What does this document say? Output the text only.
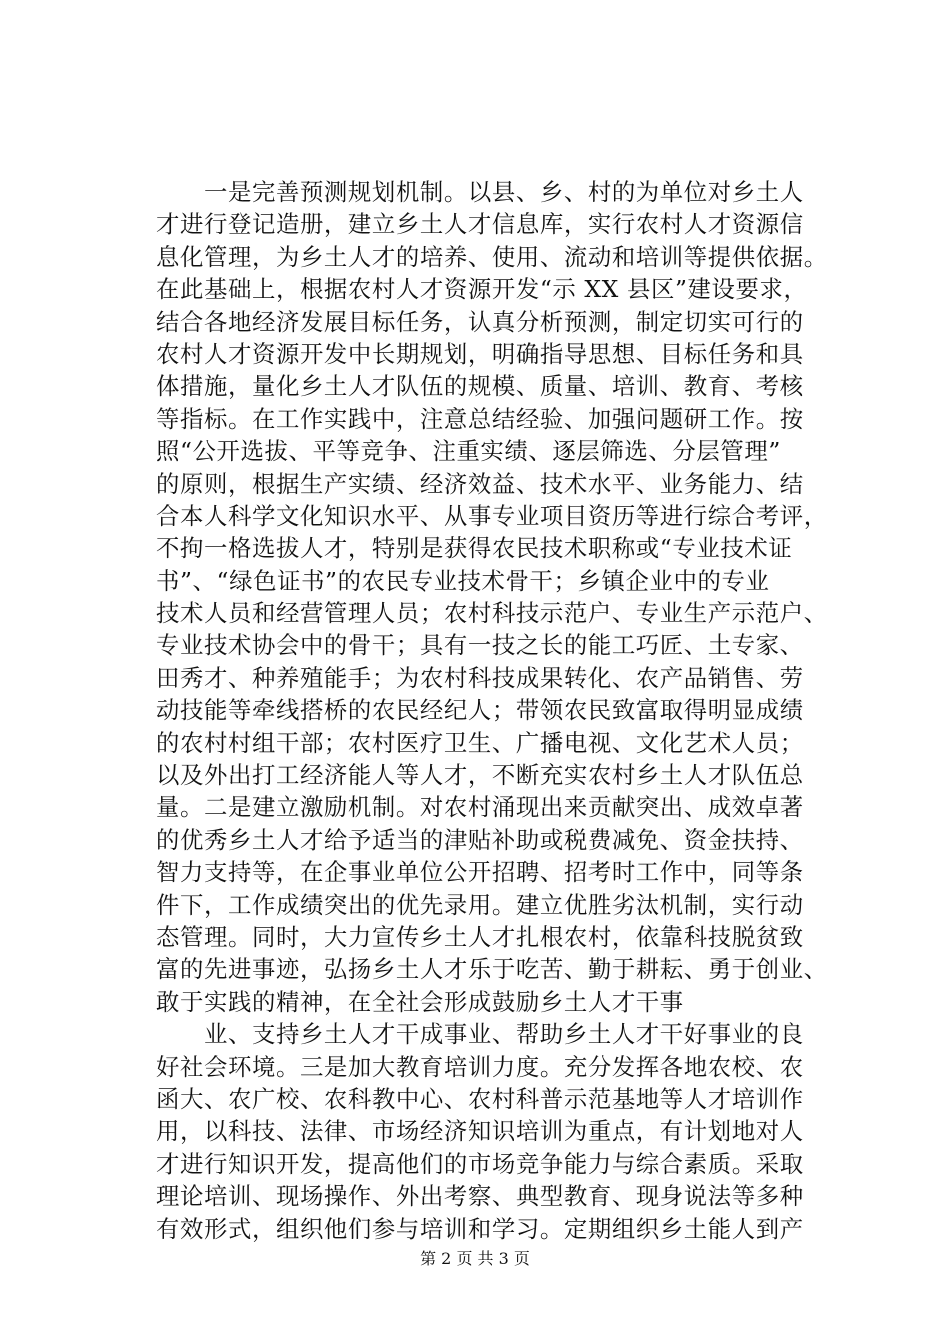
　　一是完善预测规划机制。以县、乡、村的为单位对乡土人
才进行登记造册，建立乡土人才信息库，实行农村人才资源信
息化管理，为乡土人才的培养、使用、流动和培训等提供依据。
在此基础上，根据农村人才资源开发“示 XX 县区”建设要求，
结合各地经济发展目标任务，认真分析预测，制定切实可行的
农村人才资源开发中长期规划，明确指导思想、目标任务和具
体措施，量化乡土人才队伍的规模、质量、培训、教育、考核
等指标。在工作实践中，注意总结经验、加强问题研工作。按
照“公开选拔、平等竞争、注重实绩、逐层筛选、分层管理”
的原则，根据生产实绩、经济效益、技术水平、业务能力、结
合本人科学文化知识水平、从事专业项目资历等进行综合考评，
不拘一格选拔人才，特别是获得农民技术职称或“专业技术证
书”、“绿色证书”的农民专业技术骨干；乡镇企业中的专业
技术人员和经营管理人员；农村科技示范户、专业生产示范户、
专业技术协会中的骨干；具有一技之长的能工巧匠、土专家、
田秀才、种养殖能手；为农村科技成果转化、农产品销售、劳
动技能等牵线搭桥的农民经纪人；带领农民致富取得明显成绩
的农村村组干部；农村医疗卫生、广播电视、文化艺术人员；
以及外出打工经济能人等人才，不断充实农村乡土人才队伍总
量。二是建立激励机制。对农村涌现出来贡献突出、成效卓著
的优秀乡土人才给予适当的津贴补助或税费减免、资金扶持、
智力支持等，在企事业单位公开招聘、招考时工作中，同等条
件下，工作成绩突出的优先录用。建立优胜劣汰机制，实行动
态管理。同时，大力宣传乡土人才扎根农村，依靠科技脱贫致
富的先进事迹，弘扬乡土人才乐于吃苦、勤于耕耘、勇于创业、
敢于实践的精神，在全社会形成鼓励乡土人才干事
　　业、支持乡土人才干成事业、帮助乡土人才干好事业的良
好社会环境。三是加大教育培训力度。充分发挥各地农校、农
函大、农广校、农科教中心、农村科普示范基地等人才培训作
用，以科技、法律、市场经济知识培训为重点，有计划地对人
才进行知识开发，提高他们的市场竞争能力与综合素质。采取
理论培训、现场操作、外出考察、典型教育、现身说法等多种
有效形式，组织他们参与培训和学习。定期组织乡土能人到产
第 2 页 共 3 页
